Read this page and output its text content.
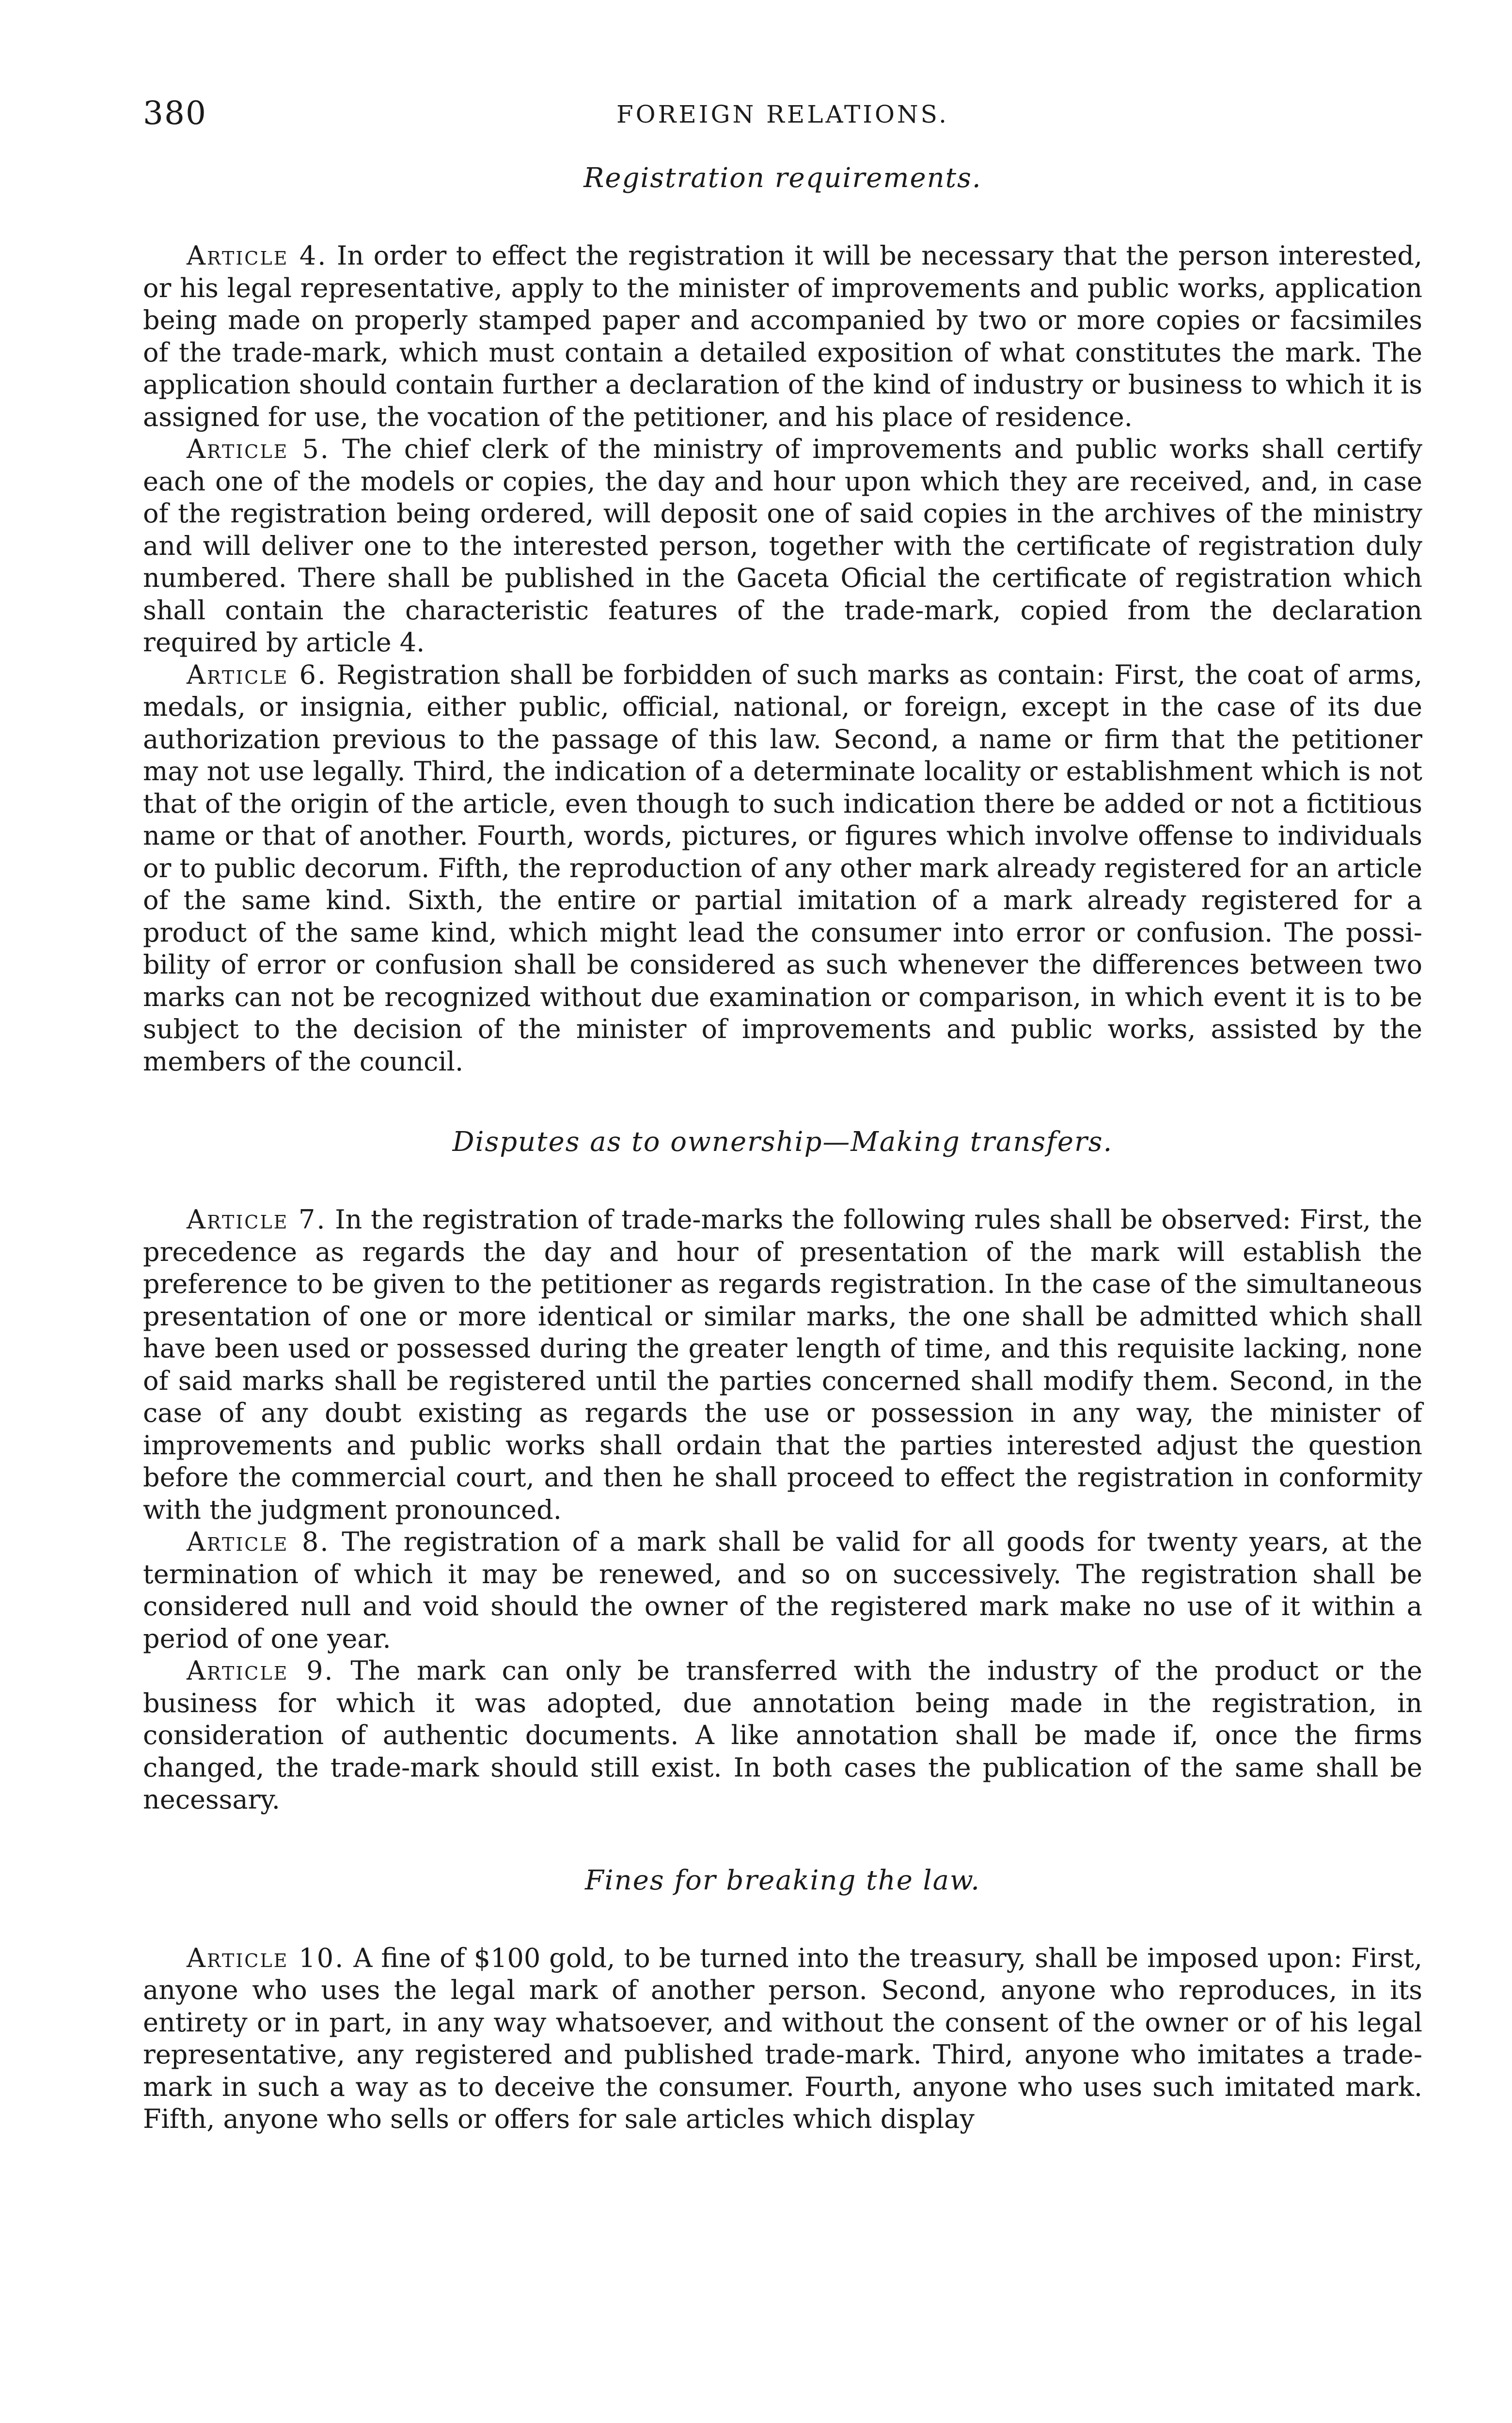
380	FOREIGN RELATIONS.
Registration requirements.

Article 4. In order to effect the registration it will be necessary that the person interested, or his legal representative, apply to the minister of improvements and public works, application being made on properly stamped paper and accompanied by two or more copies or facsimiles of the trade-mark, which must contain a detailed exposition of what constitutes the mark. The application should contain further a declaration of the kind of industry or business to which it is assigned for use, the vocation of the petitioner, and his place of residence.

Article 5. The chief clerk of the ministry of improvements and public works shall certify each one of the models or copies, the day and hour upon which they are received, and, in case of the registration being ordered, will deposit one of said copies in the archives of the ministry and will deliver one to the interested person, together with the certificate of registration duly numbered. There shall be published in the Gaceta Oficial the certificate of registration which shall contain the characteristic features of the trade-mark, copied from the declaration required by article 4.

Article 6. Registration shall be forbidden of such marks as contain: First, the coat of arms, medals, or insignia, either public, official, national, or foreign, except in the case of its due authorization previous to the passage of this law. Second, a name or firm that the petitioner may not use legally. Third, the indication of a determinate locality or establishment which is not that of the origin of the article, even though to such indication there be added or not a fictitious name or that of another. Fourth, words, pictures, or figures which involve offense to individuals or to public decorum. Fifth, the reproduction of any other mark already registered for an article of the same kind. Sixth, the entire or partial imitation of a mark already registered for a product of the same kind, which might lead the consumer into error or confusion. The possibility of error or confusion shall be considered as such whenever the differences between two marks can not be recognized without due examination or comparison, in which event it is to be subject to the decision of the minister of improvements and public works, assisted by the members of the council.

Disputes as to ownership—Making transfers.

Article 7. In the registration of trade-marks the following rules shall be observed: First, the precedence as regards the day and hour of presentation of the mark will establish the preference to be given to the petitioner as regards registration. In the case of the simultaneous presentation of one or more identical or similar marks, the one shall be admitted which shall have been used or possessed during the greater length of time, and this requisite lacking, none of said marks shall be registered until the parties concerned shall modify them. Second, in the case of any doubt existing as regards the use or possession in any way, the minister of improvements and public works shall ordain that the parties interested adjust the question before the commercial court, and then he shall proceed to effect the registration in conformity with the judgment pronounced.

Article 8. The registration of a mark shall be valid for all goods for twenty years, at the termination of which it may be renewed, and so on successively. The registration shall be considered null and void should the owner of the registered mark make no use of it within a period of one year.

Article 9. The mark can only be transferred with the industry of the product or the business for which it was adopted, due annotation being made in the registration, in consideration of authentic documents. A like annotation shall be made if, once the firms changed, the trade-mark should still exist. In both cases the publication of the same shall be necessary.

Fines for breaking the law.

Article 10. A fine of $100 gold, to be turned into the treasury, shall be imposed upon: First, anyone who uses the legal mark of another person. Second, anyone who reproduces, in its entirety or in part, in any way whatsoever, and without the consent of the owner or of his legal representative, any registered and published trade-mark. Third, anyone who imitates a trade-mark in such a way as to deceive the consumer. Fourth, anyone who uses such imitated mark. Fifth, anyone who sells or offers for sale articles which display
